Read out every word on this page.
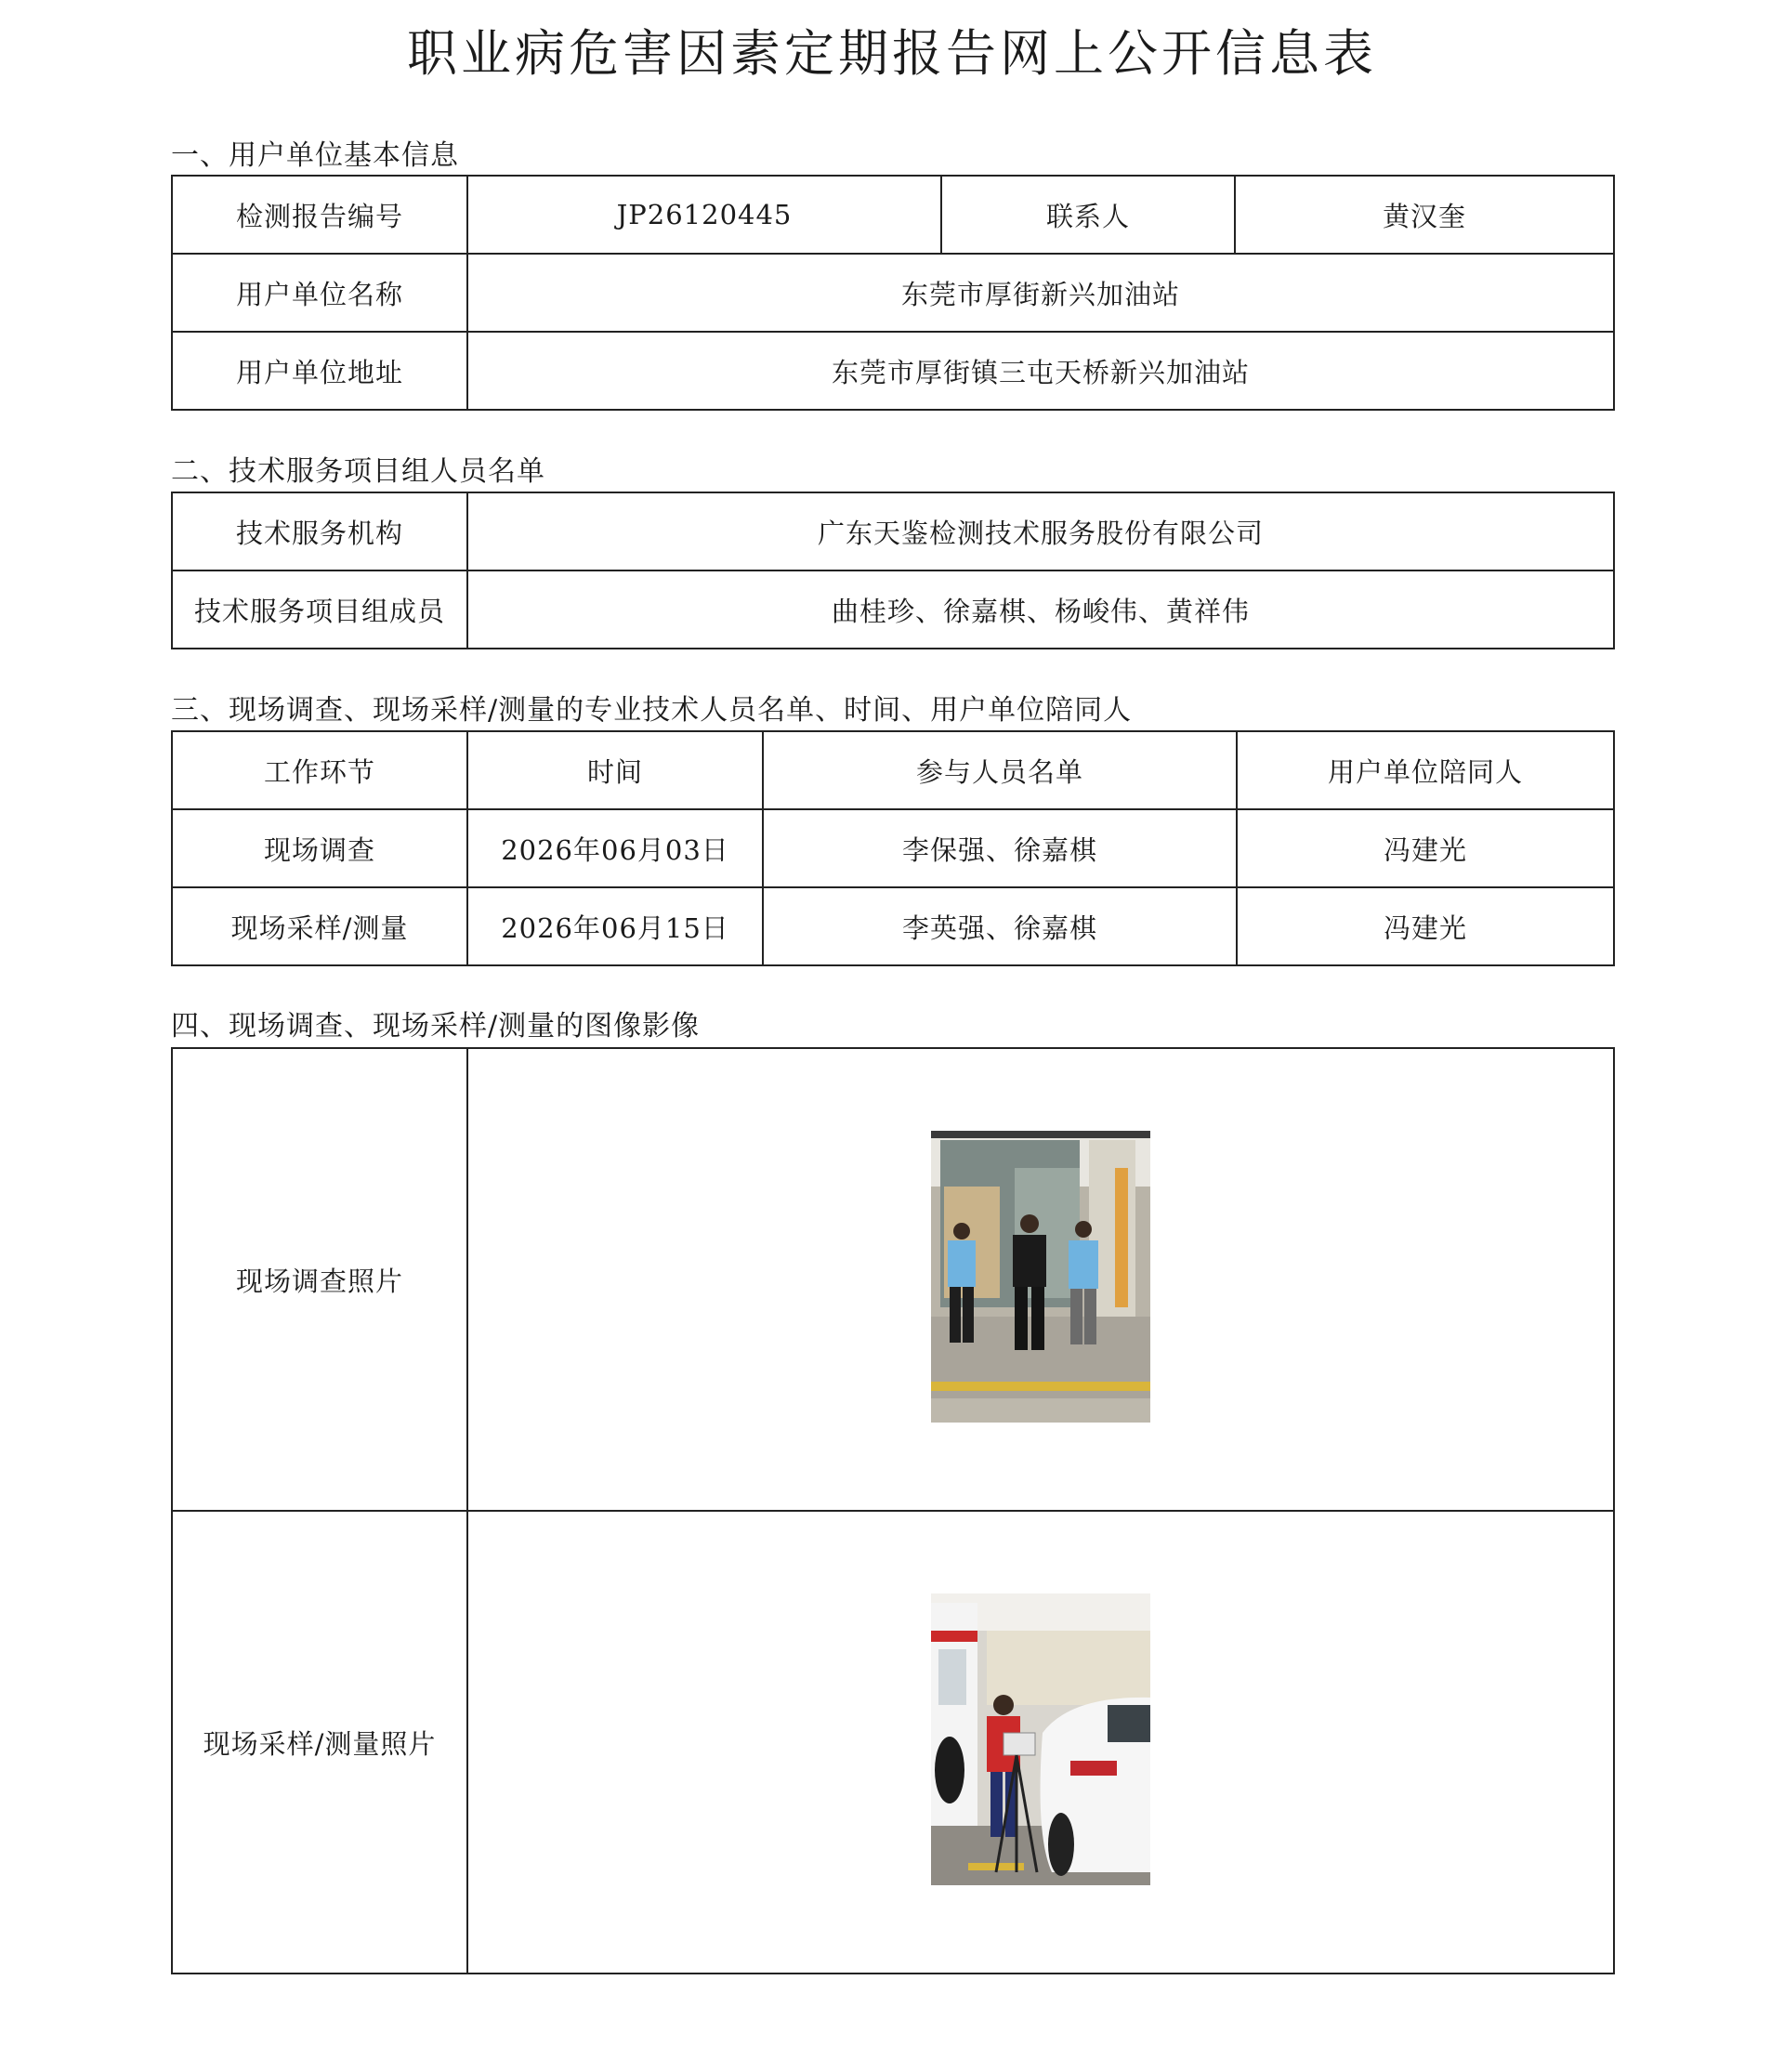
职业病危害因素定期报告网上公开信息表
一、用户单位基本信息
检测报告编号	JP26120445	联系人	黄汉奎
用户单位名称	东莞市厚街新兴加油站		
用户单位地址	东莞市厚街镇三屯天桥新兴加油站		
二、技术服务项目组人员名单
技术服务机构	广东天鉴检测技术服务股份有限公司
技术服务项目组成员	曲桂珍、徐嘉棋、杨峻伟、黄祥伟
三、现场调查、现场采样/测量的专业技术人员名单、时间、用户单位陪同人
工作环节	时间	参与人员名单	用户单位陪同人
现场调查	2026年06月03日	李保强、徐嘉棋	冯建光
现场采样/测量	2026年06月15日	李英强、徐嘉棋	冯建光
四、现场调查、现场采样/测量的图像影像
现场调查照片	

现场采样/测量照片	
